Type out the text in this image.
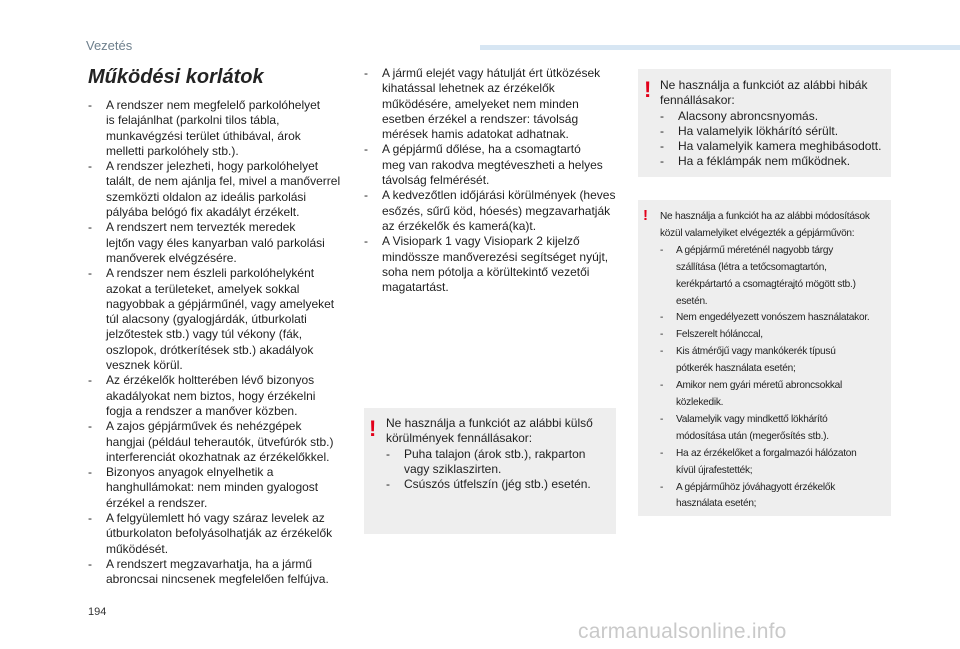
Vezetés
Működési korlátok
- A rendszer nem megfelelő parkolóhelyet
is felajánlhat (parkolni tilos tábla,
munkavégzési terület úthibával, árok
melletti parkolóhely stb.).
- A rendszer jelezheti, hogy parkolóhelyet
talált, de nem ajánlja fel, mivel a manőverrel
szemközti oldalon az ideális parkolási
pályába belógó fix akadályt érzékelt.
- A rendszert nem tervezték meredek
lejtőn vagy éles kanyarban való parkolási
manőverek elvégzésére.
- A rendszer nem észleli parkolóhelyként
azokat a területeket, amelyek sokkal
nagyobbak a gépjárműnél, vagy amelyeket
túl alacsony (gyalogjárdák, útburkolati
jelzőtestek stb.) vagy túl vékony (fák,
oszlopok, drótkerítések stb.) akadályok
vesznek körül.
- Az érzékelők holtterében lévő bizonyos
akadályokat nem biztos, hogy érzékelni
fogja a rendszer a manőver közben.
- A zajos gépjárművek és nehézgépek
hangjai (például teherautók, ütvefúrók stb.)
interferenciát okozhatnak az érzékelőkkel.
- Bizonyos anyagok elnyelhetik a
hanghullámokat: nem minden gyalogost
érzékel a rendszer.
- A felgyülemlett hó vagy száraz levelek az
útburkolaton befolyásolhatják az érzékelők
működését.
- A rendszert megzavarhatja, ha a jármű
abroncsai nincsenek megfelelően felfújva.
- A jármű elejét vagy hátulját ért ütközések
kihatással lehetnek az érzékelők
működésére, amelyeket nem minden
esetben érzékel a rendszer: távolság
mérések hamis adatokat adhatnak.
- A gépjármű dőlése, ha a csomagtartó
meg van rakodva megtéveszheti a helyes
távolság felmérését.
- A kedvezőtlen időjárási körülmények (heves
esőzés, sűrű köd, hóesés) megzavarhatják
az érzékelők és kamerá(ka)t.
- A Visiopark 1 vagy Visiopark 2 kijelző
mindössze manőverezési segítséget nyújt,
soha nem pótolja a körültekintő vezetői
magatartást.
! Ne használja a funkciót az alábbi külső
körülmények fennállásakor:
- Puha talajon (árok stb.), rakparton
vagy sziklaszirten.
- Csúszós útfelszín (jég stb.) esetén.
! Ne használja a funkciót az alábbi hibák
fennállásakor:
- Alacsony abroncsnyomás.
- Ha valamelyik lökhárító sérült.
- Ha valamelyik kamera meghibásodott.
- Ha a féklámpák nem működnek.
! Ne használja a funkciót ha az alábbi módosítások
közül valamelyiket elvégezték a gépjárművön:
- A gépjármű méreténél nagyobb tárgy
szállítása (létra a tetőcsomagtartón,
kerékpártartó a csomagtérajtó mögött stb.)
esetén.
- Nem engedélyezett vonószem használatakor.
- Felszerelt hólánccal,
- Kis átmérőjű vagy mankókerék típusú
pótkerék használata esetén;
- Amikor nem gyári méretű abroncsokkal
közlekedik.
- Valamelyik vagy mindkettő lökhárító
módosítása után (megerősítés stb.).
- Ha az érzékelőket a forgalmazói hálózaton
kívül újrafestették;
- A gépjárműhöz jóváhagyott érzékelők
használata esetén;
194
carmanualsonline.info
